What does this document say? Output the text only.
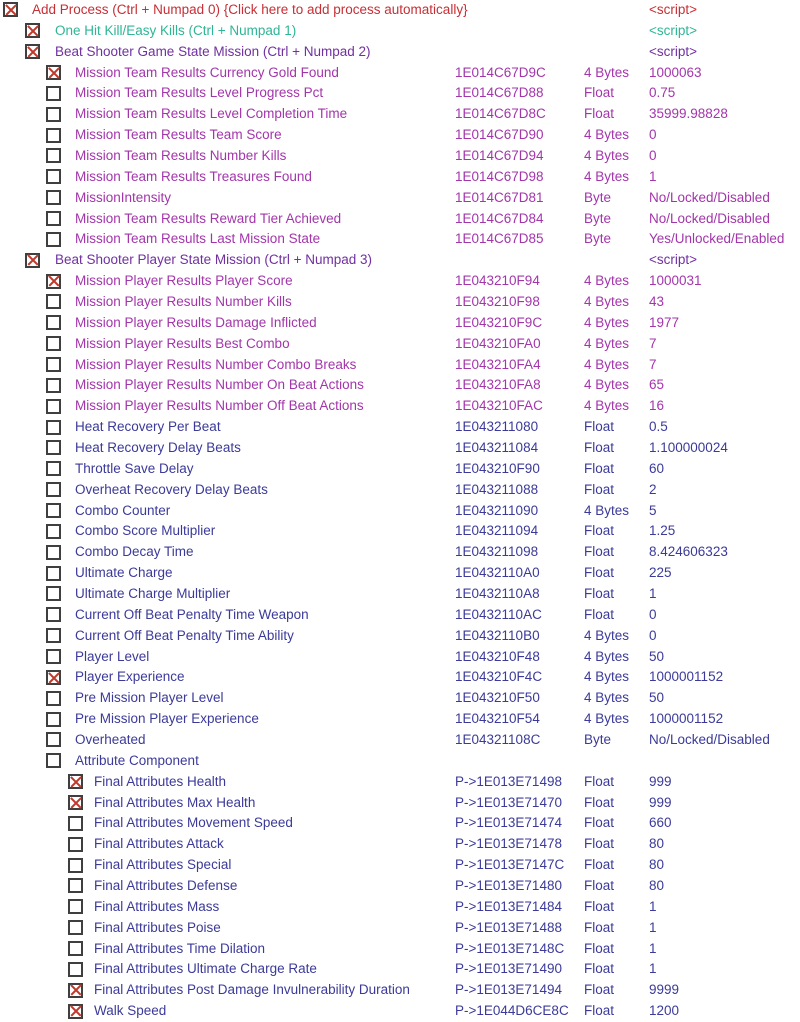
Add Process (Ctrl + Numpad 0) {Click here to add process automatically}	<script>
One Hit Kill/Easy Kills (Ctrl + Numpad 1)	<script>
Beat Shooter Game State Mission (Ctrl + Numpad 2)	<script>
Mission Team Results Currency Gold Found	1E014C67D9C	4 Bytes 1000063
Mission Team Results Level Progress Pct	1E014C67D88	Float	0.75
Mission Team Results Level Completion Time	1E014C67D8C	Float	35999.98828
Mission Team Results Team Score	1E014C67D90	4 Bytes 0
Mission Team Results Number Kills	1E014C67D94	4 Bytes 0
Mission Team Results Treasures Found	1E014C67D98	4 Bytes 1
MissionIntensity	1E014C67D81	Byte	No/Locked/Disabled
Mission Team Results Reward Tier Achieved	1E014C67D84	Byte	No/Locked/Disabled
Mission Team Results Last Mission State	1E014C67D85	Byte	Yes/Unlocked/Enabled
Beat Shooter Player State Mission (Ctrl + Numpad 3)	<script>
Mission Player Results Player Score	1E043210F94	4 Bytes 1000031
Mission Player Results Number Kills	1E043210F98	4 Bytes 43
Mission Player Results Damage Inflicted	1E043210F9C	4 Bytes 1977
Mission Player Results Best Combo	1E043210FA0	4 Bytes 7
Mission Player Results Number Combo Breaks	1E043210FA4	4 Bytes 7
Mission Player Results Number On Beat Actions	1E043210FA8	4 Bytes 65
Mission Player Results Number Off Beat Actions	1E043210FAC	4 Bytes 16
Heat Recovery Per Beat	1E043211080	Float	0.5
Heat Recovery Delay Beats	1E043211084	Float	1.100000024
Throttle Save Delay	1E043210F90	Float	60
Overheat Recovery Delay Beats	1E043211088	Float	2
Combo Counter	1E043211090	4 Bytes 5
Combo Score Multiplier	1E043211094	Float	1.25
Combo Decay Time	1E043211098	Float	8.424606323
Ultimate Charge	1E0432110A0	Float	225
Ultimate Charge Multiplier	1E0432110A8	Float	1
Current Off Beat Penalty Time Weapon	1E0432110AC	Float	0
Current Off Beat Penalty Time Ability	1E0432110B0	4 Bytes 0
Player Level	1E043210F48	4 Bytes 50
Player Experience	1E043210F4C	4 Bytes 1000001152
Pre Mission Player Level	1E043210F50	4 Bytes 50
Pre Mission Player Experience	1E043210F54	4 Bytes 1000001152
Overheated	1E04321108C	Byte	No/Locked/Disabled
Attribute Component
Final Attributes Health	P->1E013E71498 Float	999
Final Attributes Max Health	P->1E013E71470 Float	999
Final Attributes Movement Speed	P->1E013E71474 Float	660
Final Attributes Attack	P->1E013E71478 Float	80
Final Attributes Special	P->1E013E7147C Float	80
Final Attributes Defense	P->1E013E71480 Float	80
Final Attributes Mass	P->1E013E71484 Float	1
Final Attributes Poise	P->1E013E71488 Float	1
Final Attributes Time Dilation	P->1E013E7148C Float	1
Final Attributes Ultimate Charge Rate	P->1E013E71490 Float	1
Final Attributes Post Damage Invulnerability Duration	P->1E013E71494 Float	9999
Walk Speed	P->1E044D6CE8C Float	1200
